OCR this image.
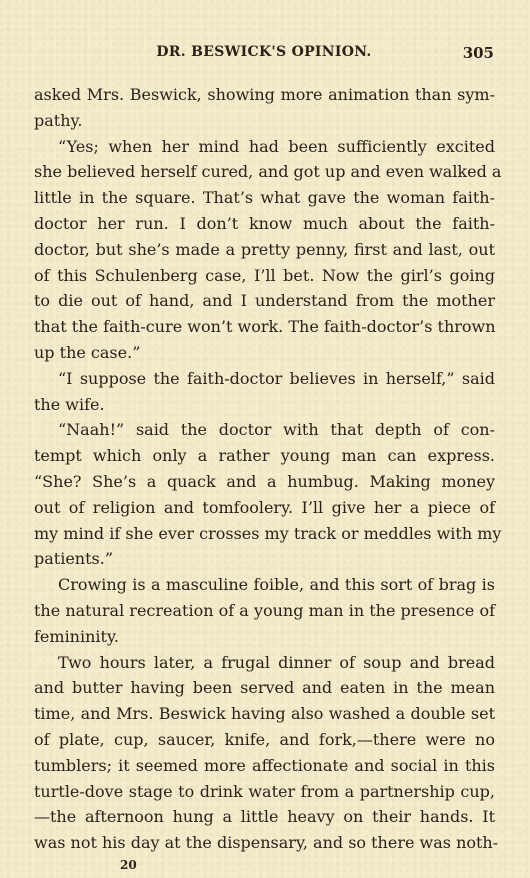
DR. BESWICK'S OPINION.	305

asked Mrs. Beswick, showing more animation than sym-
pathy.

“Yes; when her mind had been sufficiently excited
she believed herself cured, and got up and even walked a
little in the square. That’s what gave the woman faith-
doctor her run. I don’t know much about the faith-
doctor, but she’s made a pretty penny, first and last, out
of this Schulenberg case, I’ll bet. Now the girl’s going
to die out of hand, and I understand from the mother
that the faith-cure won’t work. The faith-doctor’s thrown
up the case.”

“I suppose the faith-doctor believes in herself,” said
the wife.

“Naah!” said the doctor with that depth of con-
tempt which only a rather young man can express.
“She? She’s a quack and a humbug. Making money
out of religion and tomfoolery. I’ll give her a piece of
my mind if she ever crosses my track or meddles with my
patients.”

Crowing is a masculine foible, and this sort of brag is
the natural recreation of a young man in the presence of
femininity.

Two hours later, a frugal dinner of soup and bread
and butter having been served and eaten in the mean
time, and Mrs. Beswick having also washed a double set
of plate, cup, saucer, knife, and fork,—there were no
tumblers; it seemed more affectionate and social in this
turtle-dove stage to drink water from a partnership cup,
—the afternoon hung a little heavy on their hands. It
was not his day at the dispensary, and so there was noth-

20
